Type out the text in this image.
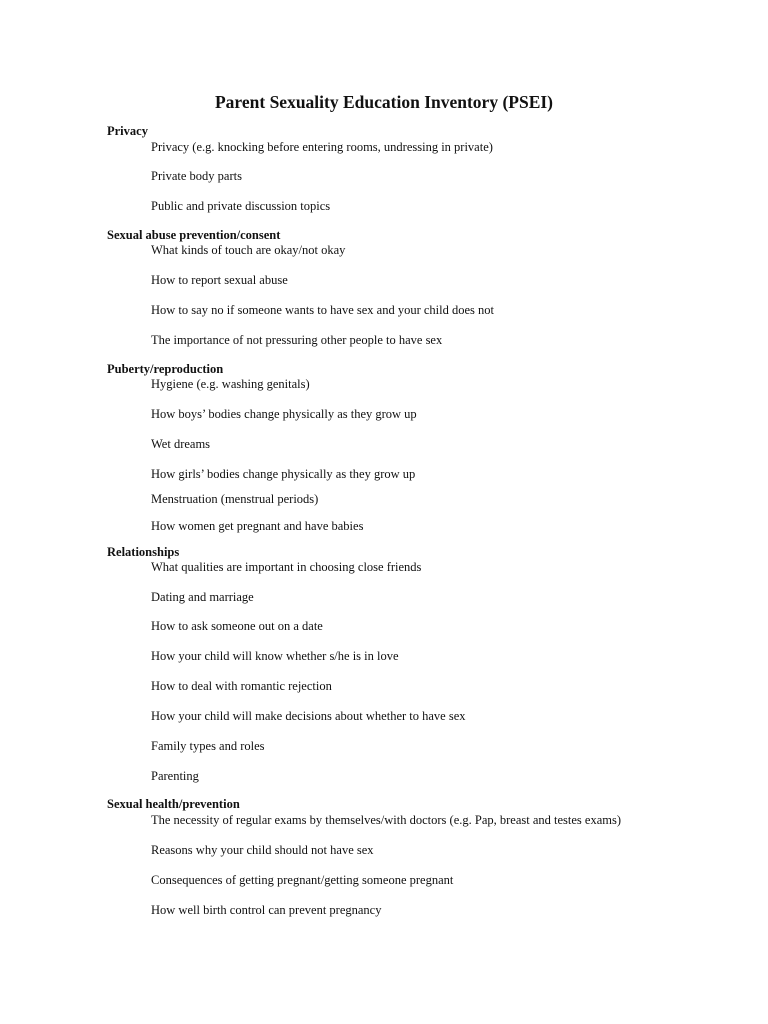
Parent Sexuality Education Inventory (PSEI)
Privacy
Privacy (e.g. knocking before entering rooms, undressing in private)
Private body parts
Public and private discussion topics
Sexual abuse prevention/consent
What kinds of touch are okay/not okay
How to report sexual abuse
How to say no if someone wants to have sex and your child does not
The importance of not pressuring other people to have sex
Puberty/reproduction
Hygiene (e.g. washing genitals)
How boys’ bodies change physically as they grow up
Wet dreams
How girls’ bodies change physically as they grow up
Menstruation (menstrual periods)
How women get pregnant and have babies
Relationships
What qualities are important in choosing close friends
Dating and marriage
How to ask someone out on a date
How your child will know whether s/he is in love
How to deal with romantic rejection
How your child will make decisions about whether to have sex
Family types and roles
Parenting
Sexual health/prevention
The necessity of regular exams by themselves/with doctors (e.g. Pap, breast and testes exams)
Reasons why your child should not have sex
Consequences of getting pregnant/getting someone pregnant
How well birth control can prevent pregnancy
